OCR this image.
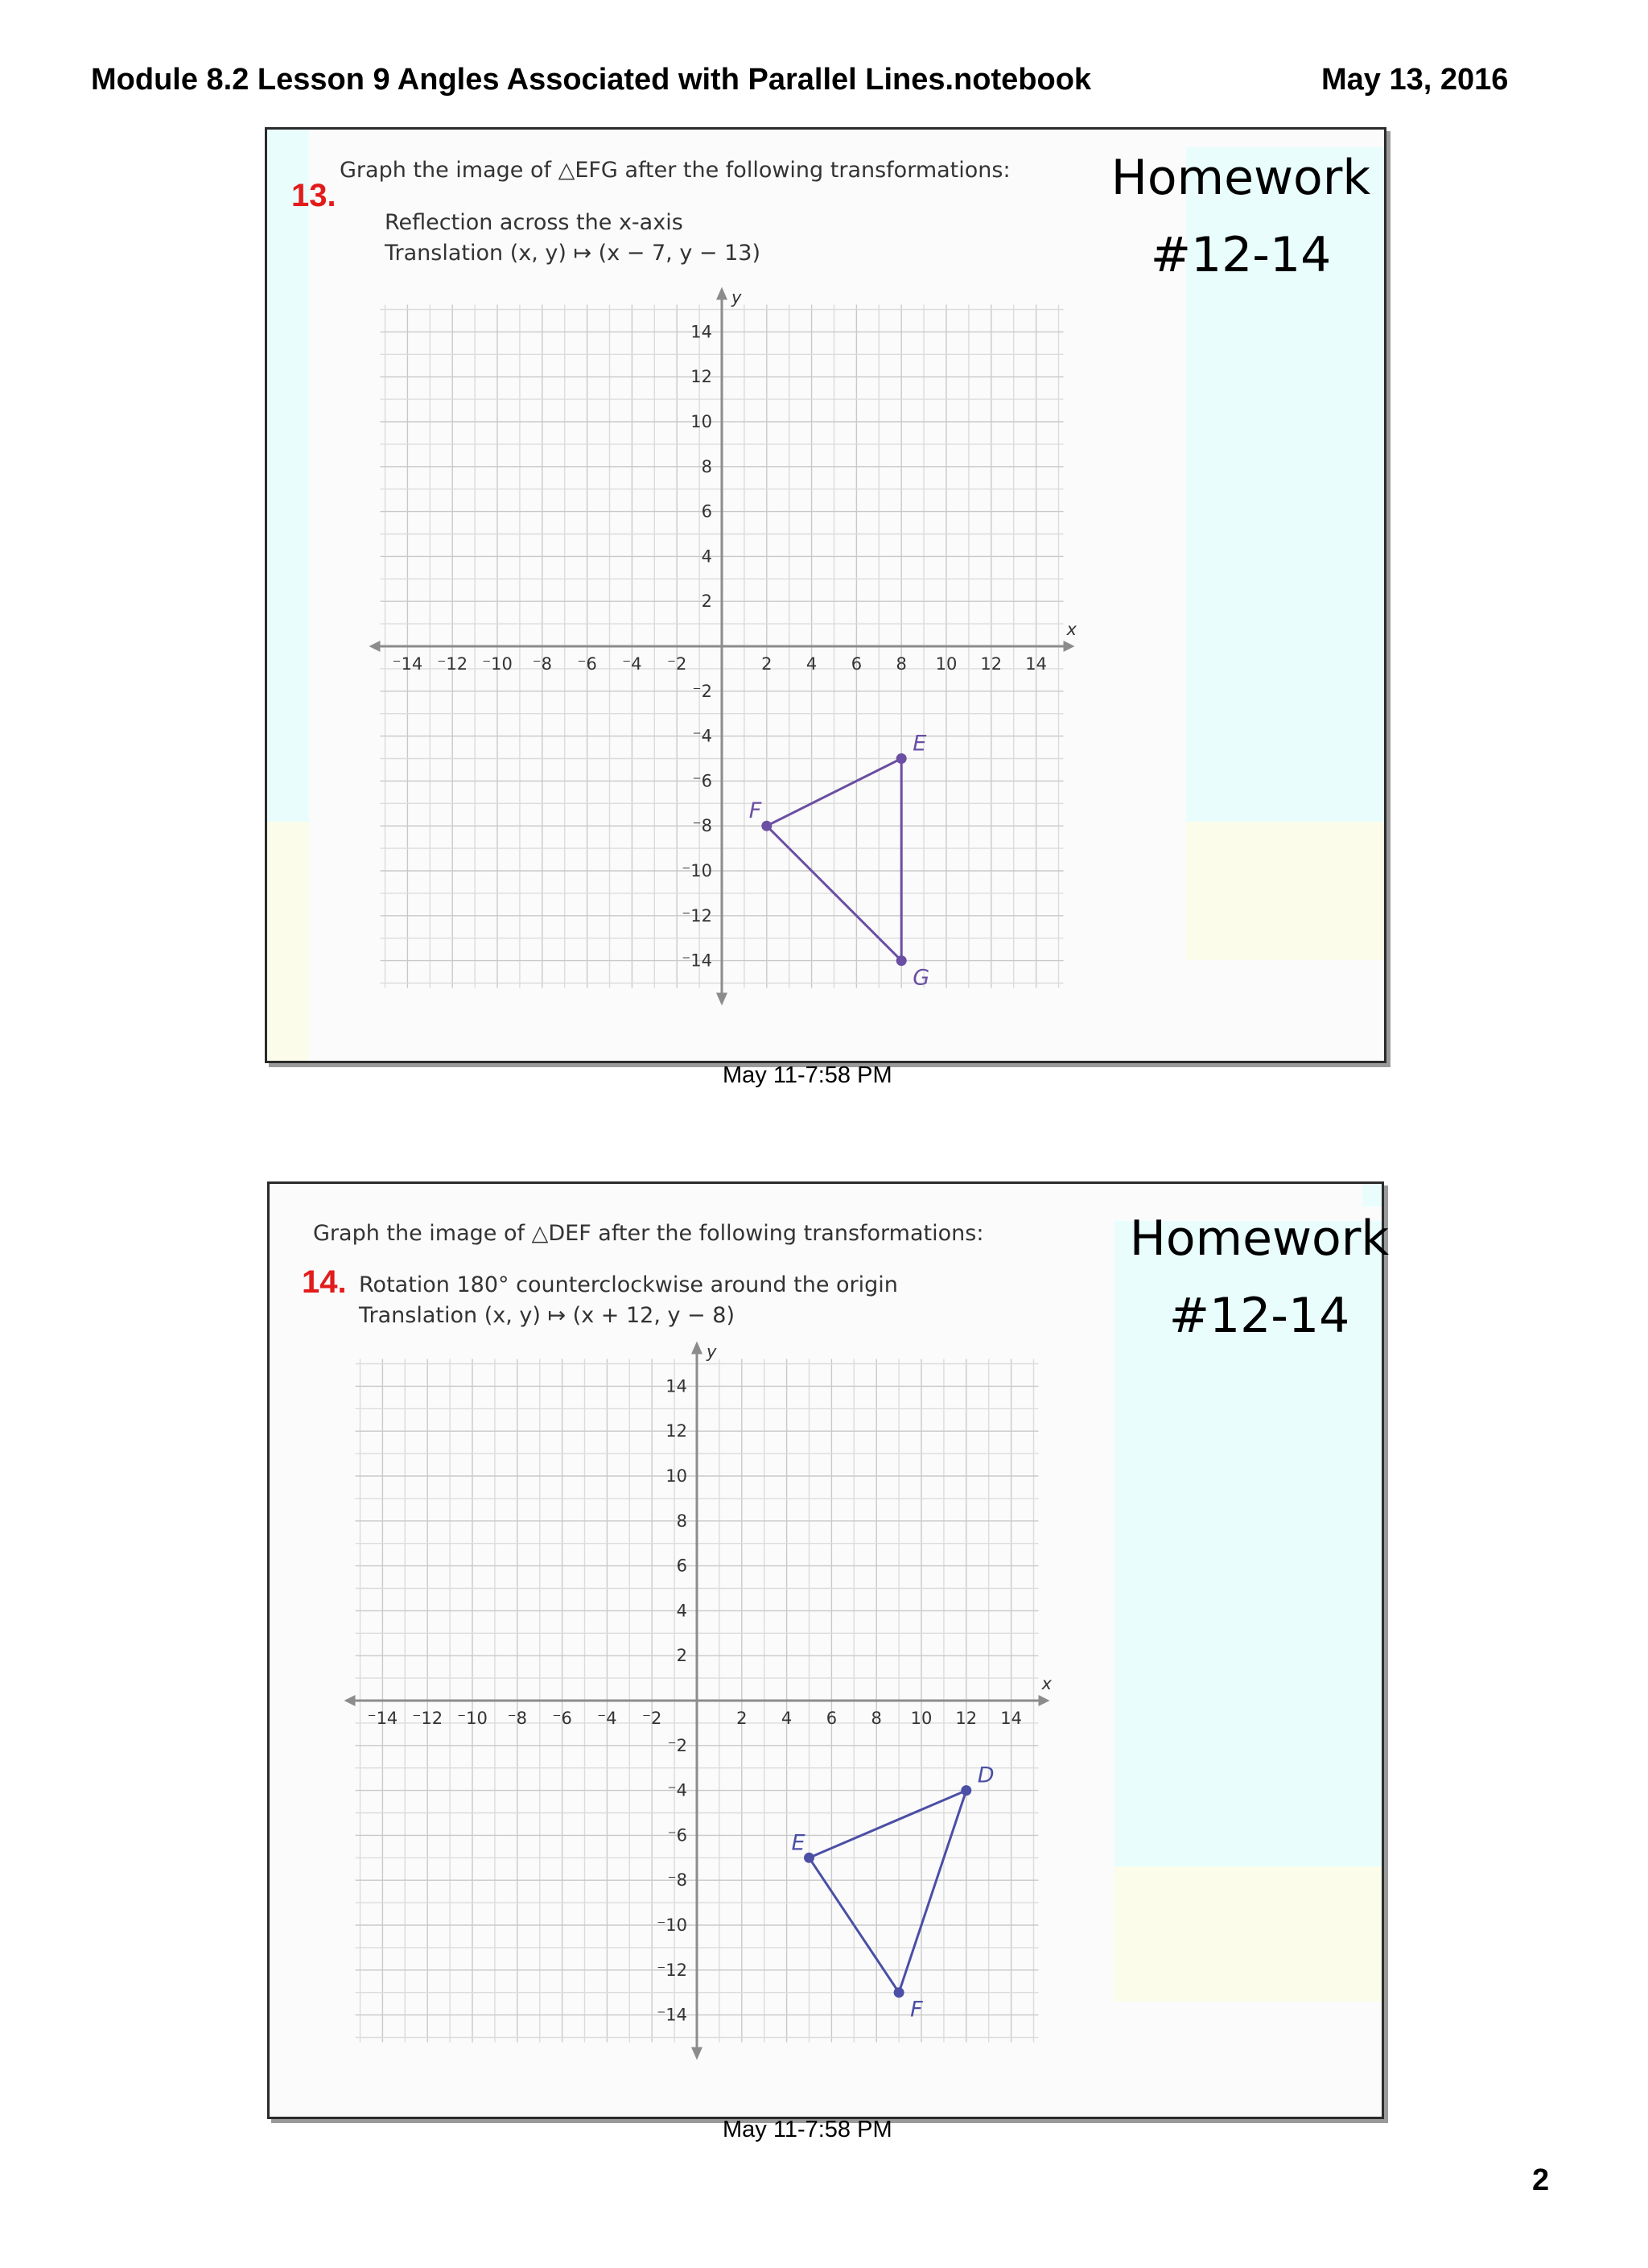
Module 8.2 Lesson 9 Angles Associated with Parallel Lines.notebook	May 13, 2016
Graph the image of △EFG after the following transformations:
13.
Reflection across the x-axis
Translation (x, y) ↦ (x − 7, y − 13)
Homework
#12-14
x
y
⁻14
⁻14
⁻12
⁻12
⁻10
⁻10
⁻8
⁻8
⁻6
⁻6
⁻4
⁻4
⁻2
⁻2
2
2
4
4
6
6
8
8
10
10
12
12
14
14
E
F
G
May 11-7:58 PM
Graph the image of △DEF after the following transformations:
14. Rotation 180° counterclockwise around the origin
Translation (x, y) ↦ (x + 12, y − 8)
Homework
#12-14
x
y
⁻14
⁻14
⁻12
⁻12
⁻10
⁻10
⁻8
⁻8
⁻6
⁻6
⁻4
⁻4
⁻2
⁻2
2
2
4
4
6
6
8
8
10
10
12
12
14
14
D
E
F
May 11-7:58 PM
2
